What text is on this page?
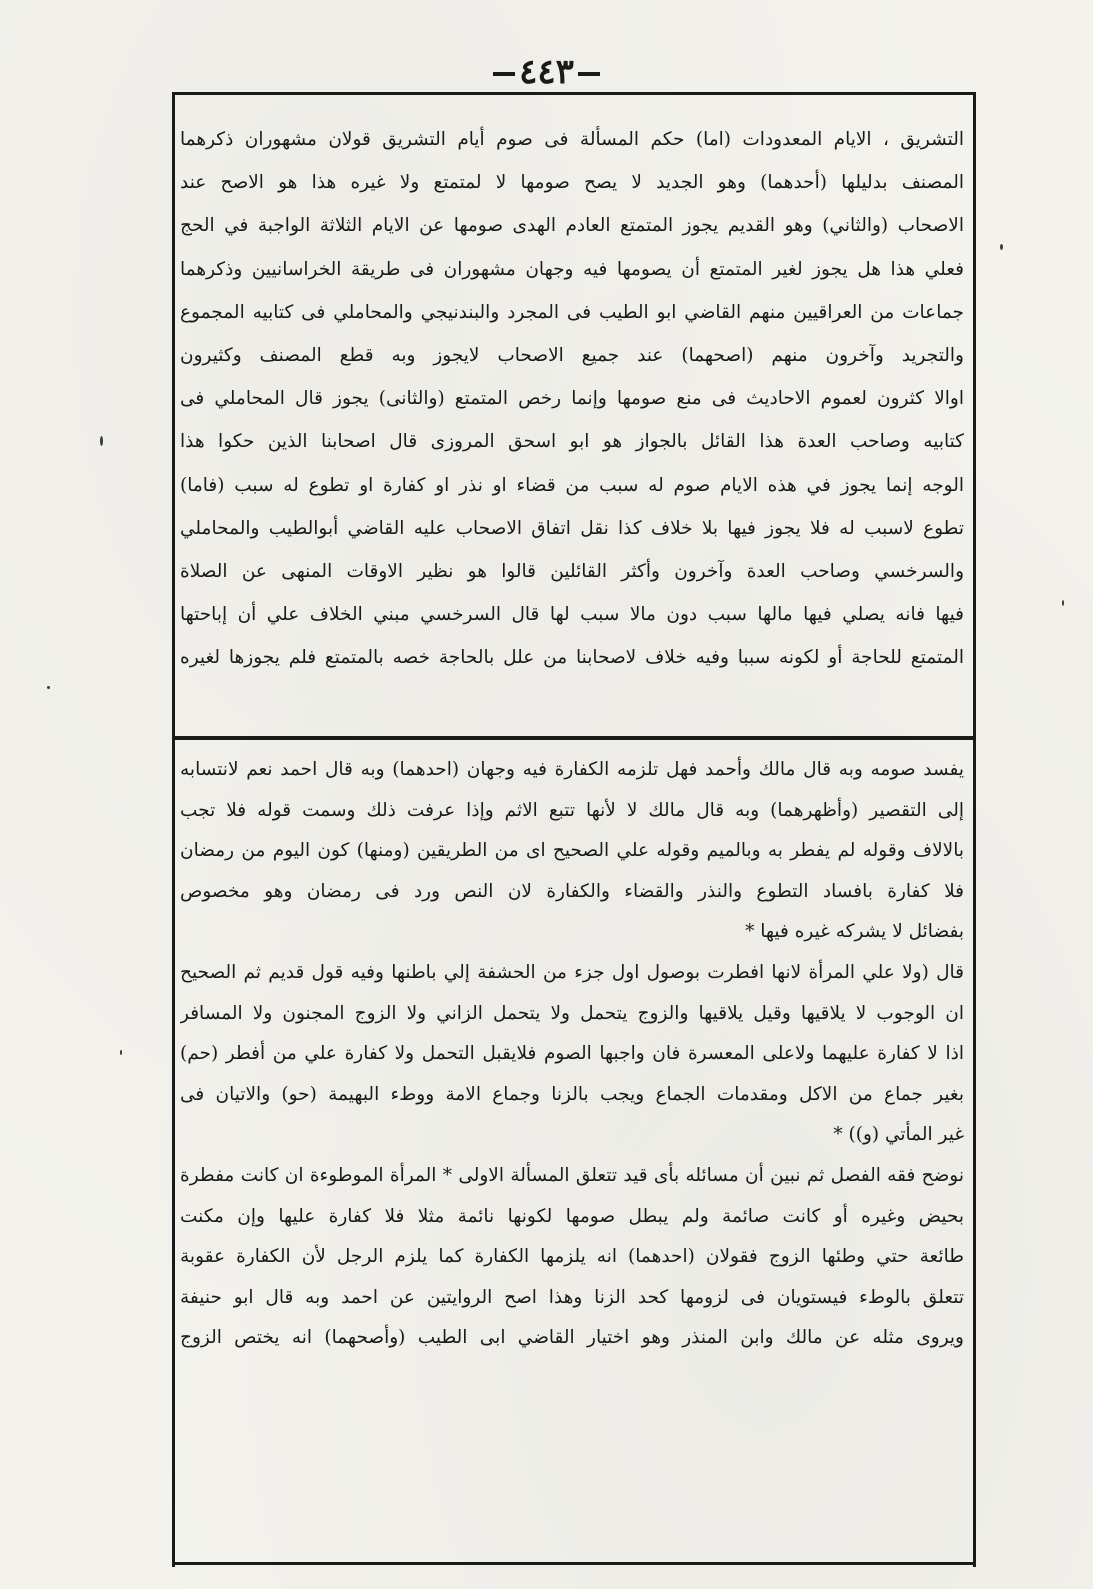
٤٤٣
التشريق ، الايام المعدودات (اما) حكم المسألة فى صوم أيام التشريق قولان مشهوران ذكرهما
المصنف بدليلها (أحدهما) وهو الجديد لا يصح صومها لا لمتمتع ولا غيره هذا هو الاصح عند
الاصحاب (والثاني) وهو القديم يجوز المتمتع العادم الهدى صومها عن الايام الثلاثة الواجبة في الحج
فعلي هذا هل يجوز لغير المتمتع أن يصومها فيه وجهان مشهوران فى طريقة الخراسانيين وذكرهما
جماعات من العراقيين منهم القاضي ابو الطيب فى المجرد والبندنيجي والمحاملي فى كتابيه المجموع
والتجريد وآخرون منهم (اصحهما) عند جميع الاصحاب لايجوز وبه قطع المصنف وكثيرون
اوالا كثرون لعموم الاحاديث فى منع صومها وإنما رخص المتمتع (والثانى) يجوز قال المحاملي فى
كتابيه وصاحب العدة هذا القائل بالجواز هو ابو اسحق المروزى قال اصحابنا الذين حكوا هذا
الوجه إنما يجوز في هذه الايام صوم له سبب من قضاء او نذر او كفارة او تطوع له سبب (فاما)
تطوع لاسبب له فلا يجوز فيها بلا خلاف كذا نقل اتفاق الاصحاب عليه القاضي أبوالطيب والمحاملي
والسرخسي وصاحب العدة وآخرون وأكثر القائلين قالوا هو نظير الاوقات المنهى عن الصلاة
فيها فانه يصلي فيها مالها سبب دون مالا سبب لها قال السرخسي مبني الخلاف علي أن إباحتها
المتمتع للحاجة أو لكونه سببا وفيه خلاف لاصحابنا من علل بالحاجة خصه بالمتمتع فلم يجوزها لغيره
يفسد صومه وبه قال مالك وأحمد فهل تلزمه الكفارة فيه وجهان (احدهما) وبه قال احمد نعم لانتسابه
إلى التقصير (وأظهرهما) وبه قال مالك لا لأنها تتبع الاثم وإذا عرفت ذلك وسمت قوله فلا تجب
بالالاف وقوله لم يفطر به وبالميم وقوله علي الصحيح اى من الطريقين (ومنها) كون اليوم من رمضان
فلا كفارة بافساد التطوع والنذر والقضاء والكفارة لان النص ورد فى رمضان وهو مخصوص
بفضائل لا يشركه غيره فيها *
قال (ولا علي المرأة لانها افطرت بوصول اول جزء من الحشفة إلي باطنها وفيه قول قديم ثم الصحيح
ان الوجوب لا يلاقيها وقيل يلاقيها والزوج يتحمل ولا يتحمل الزاني ولا الزوج المجنون ولا المسافر
اذا لا كفارة عليهما ولاعلى المعسرة فان واجبها الصوم فلايقبل التحمل ولا كفارة علي من أفطر (حم)
بغير جماع من الاكل ومقدمات الجماع ويجب بالزنا وجماع الامة ووطء البهيمة (حو) والاتيان فى
غير المأتي (و)) *
نوضح فقه الفصل ثم نبين أن مسائله بأى قيد تتعلق المسألة الاولى * المرأة الموطوءة ان كانت مفطرة
بحيض وغيره أو كانت صائمة ولم يبطل صومها لكونها نائمة مثلا فلا كفارة عليها وإن مكنت
طائعة حتي وطئها الزوج فقولان (احدهما) انه يلزمها الكفارة كما يلزم الرجل لأن الكفارة عقوبة
تتعلق بالوطء فيستويان فى لزومها كحد الزنا وهذا اصح الروايتين عن احمد وبه قال ابو حنيفة
ويروى مثله عن مالك وابن المنذر وهو اختيار القاضي ابى الطيب (وأصحهما) انه يختص الزوج
